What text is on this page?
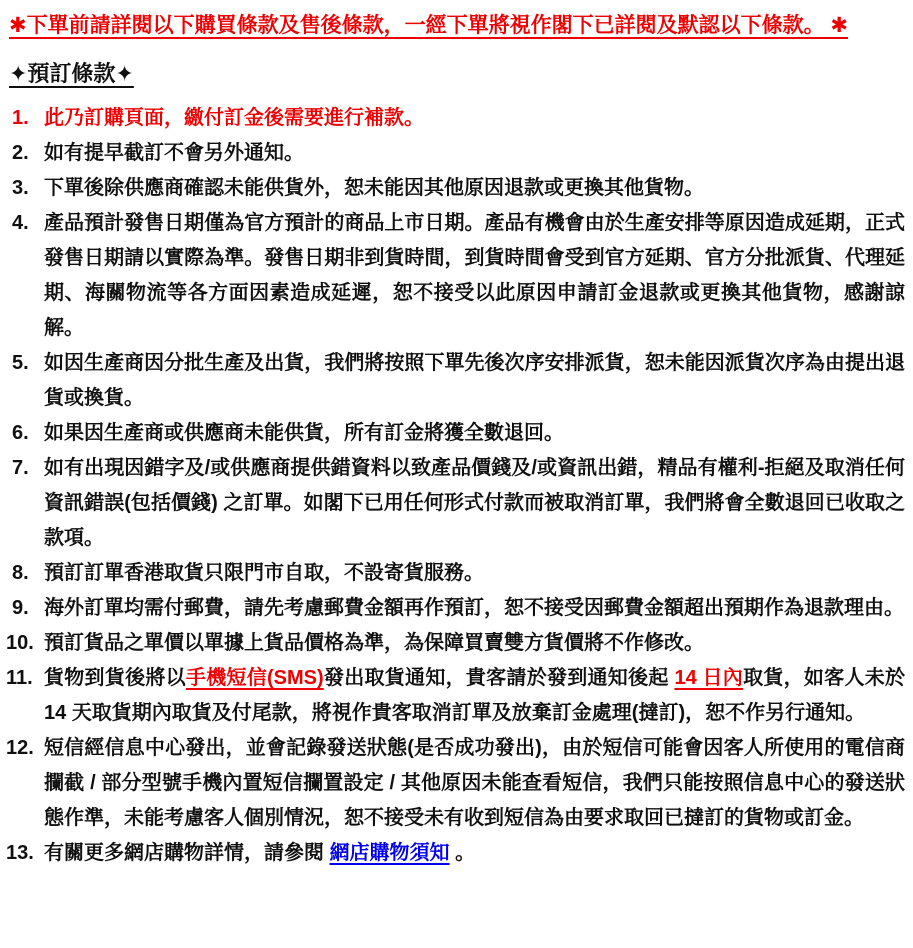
✱下單前請詳閱以下購買條款及售後條款，一經下單將視作閣下已詳閱及默認以下條款。 ✱
✦預訂條款✦
1. 此乃訂購頁面，繳付訂金後需要進行補款。
2. 如有提早截訂不會另外通知。
3. 下單後除供應商確認未能供貨外，恕未能因其他原因退款或更換其他貨物。
4. 產品預計發售日期僅為官方預計的商品上市日期。產品有機會由於生產安排等原因造成延期，正式發售日期請以實際為準。發售日期非到貨時間，到貨時間會受到官方延期、官方分批派貨、代理延期、海關物流等各方面因素造成延遲，恕不接受以此原因申請訂金退款或更換其他貨物，感謝諒解。
5. 如因生產商因分批生產及出貨，我們將按照下單先後次序安排派貨，恕未能因派貨次序為由提出退貨或換貨。
6. 如果因生產商或供應商未能供貨，所有訂金將獲全數退回。
7. 如有出現因錯字及/或供應商提供錯資料以致產品價錢及/或資訊出錯，精品有權利-拒絕及取消任何資訊錯誤(包括價錢) 之訂單。如閣下已用任何形式付款而被取消訂單，我們將會全數退回已收取之款項。
8. 預訂訂單香港取貨只限門市自取，不設寄貨服務。
9. 海外訂單均需付郵費，請先考慮郵費金額再作預訂，恕不接受因郵費金額超出預期作為退款理由。
10. 預訂貨品之單價以單據上貨品價格為準，為保障買賣雙方貨價將不作修改。
11. 貨物到貨後將以手機短信(SMS)發出取貨通知，貴客請於發到通知後起 14 日內取貨，如客人未於 14 天取貨期內取貨及付尾款，將視作貴客取消訂單及放棄訂金處理(撻訂)，恕不作另行通知。
12. 短信經信息中心發出，並會記錄發送狀態(是否成功發出)，由於短信可能會因客人所使用的電信商攔截 / 部分型號手機內置短信攔置設定 / 其他原因未能查看短信，我們只能按照信息中心的發送狀態作準，未能考慮客人個別情況，恕不接受未有收到短信為由要求取回已撻訂的貨物或訂金。
13. 有關更多網店購物詳情，請參閱 網店購物須知 。
